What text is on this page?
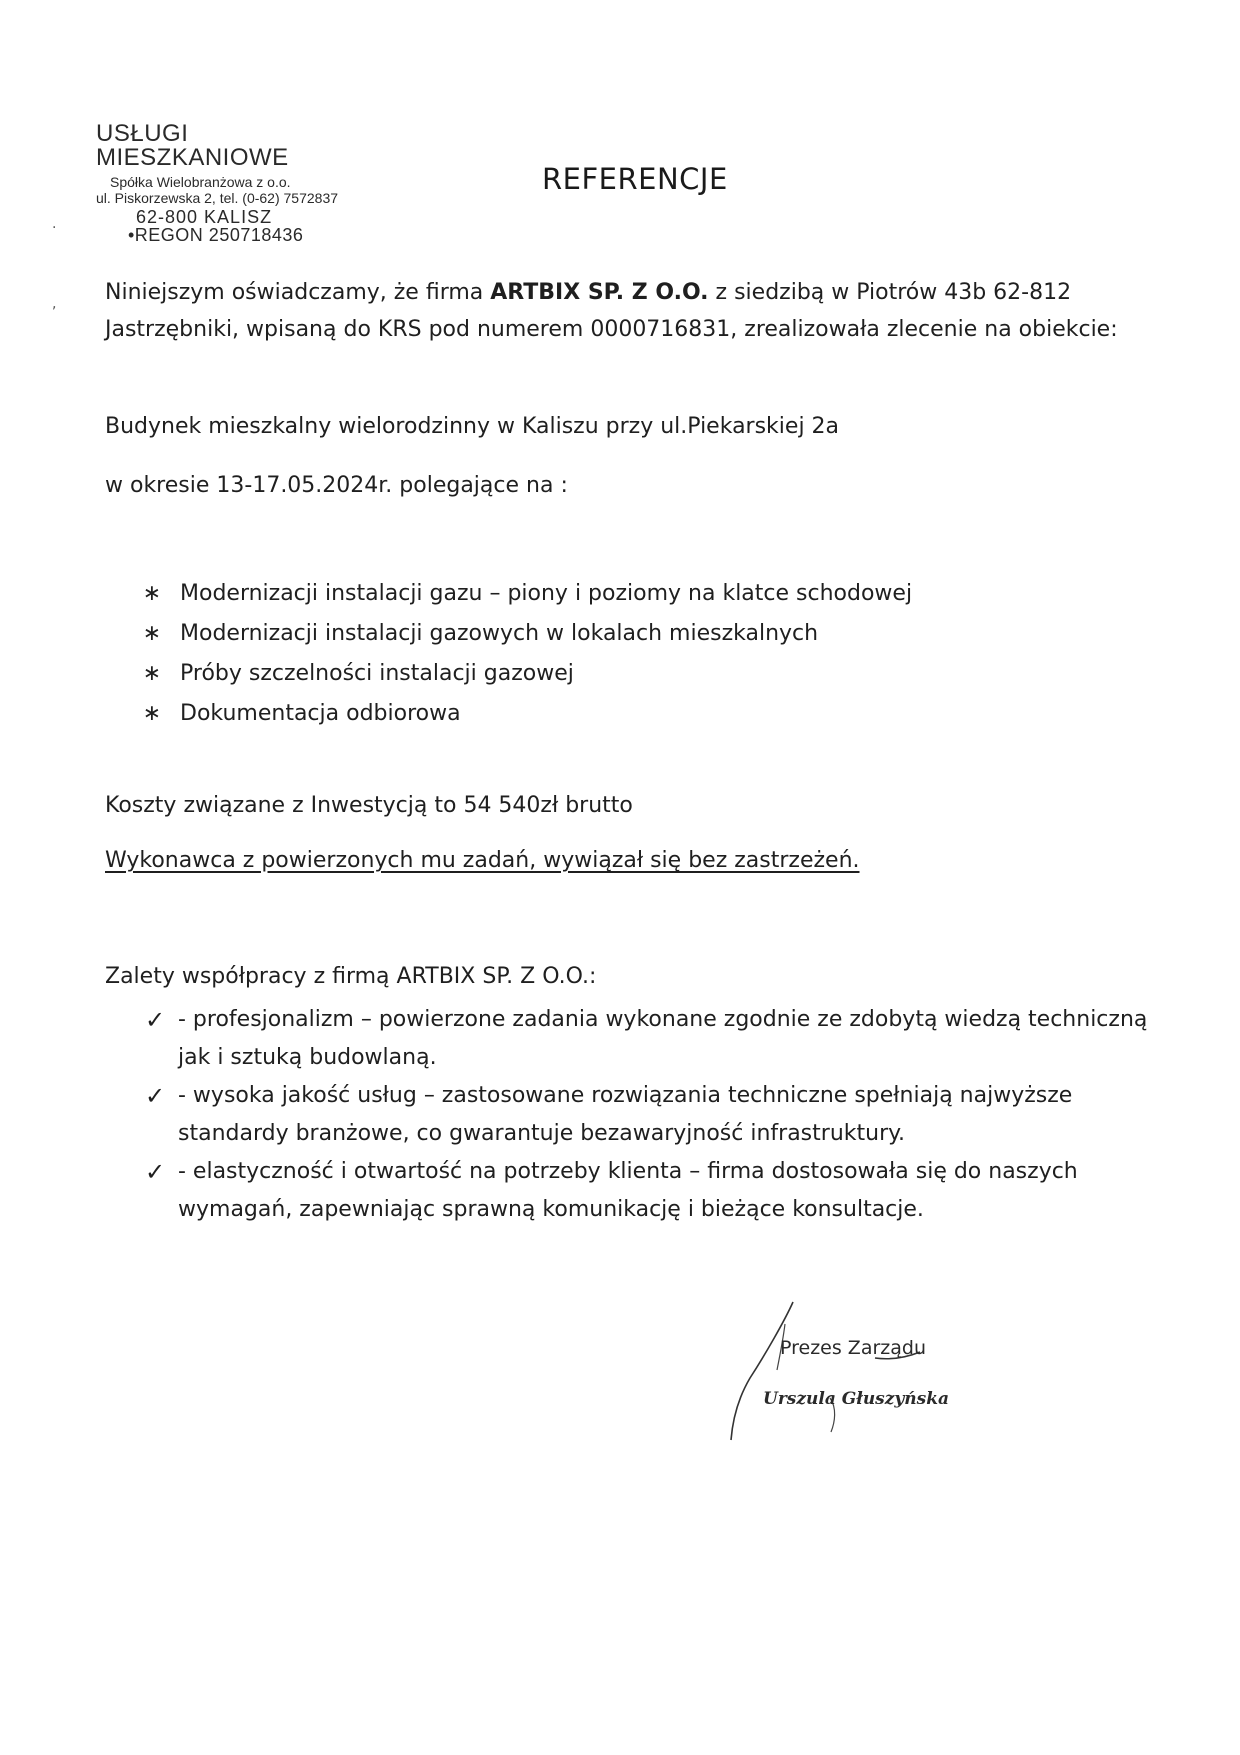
USŁUGI MIESZKANIOWE
Spółka Wielobranżowa z o.o.
ul. Piskorzewska 2, tel. (0-62) 7572837
62-800 KALISZ
•REGON 250718436
·
,
REFERENCJE
Niniejszym oświadczamy, że firma ARTBIX SP. Z O.O. z siedzibą w Piotrów 43b 62-812 Jastrzębniki, wpisaną do KRS pod numerem 0000716831, zrealizowała zlecenie na obiekcie:
Budynek mieszkalny wielorodzinny w Kaliszu przy ul.Piekarskiej 2a
w okresie 13-17.05.2024r. polegające na :
∗ Modernizacji instalacji gazu – piony i poziomy na klatce schodowej
∗ Modernizacji instalacji gazowych w lokalach mieszkalnych
∗ Próby szczelności instalacji gazowej
∗ Dokumentacja odbiorowa
Koszty związane z Inwestycją to 54 540zł brutto
Wykonawca z powierzonych mu zadań, wywiązał się bez zastrzeżeń.
Zalety współpracy z firmą ARTBIX SP. Z O.O.:
✓ - profesjonalizm – powierzone zadania wykonane zgodnie ze zdobytą wiedzą techniczną jak i sztuką budowlaną.
✓ - wysoka jakość usług – zastosowane rozwiązania techniczne spełniają najwyższe standardy branżowe, co gwarantuje bezawaryjność infrastruktury.
✓ - elastyczność i otwartość na potrzeby klienta – firma dostosowała się do naszych wymagań, zapewniając sprawną komunikację i bieżące konsultacje.
Prezes Zarządu
Urszula Głuszyńska
